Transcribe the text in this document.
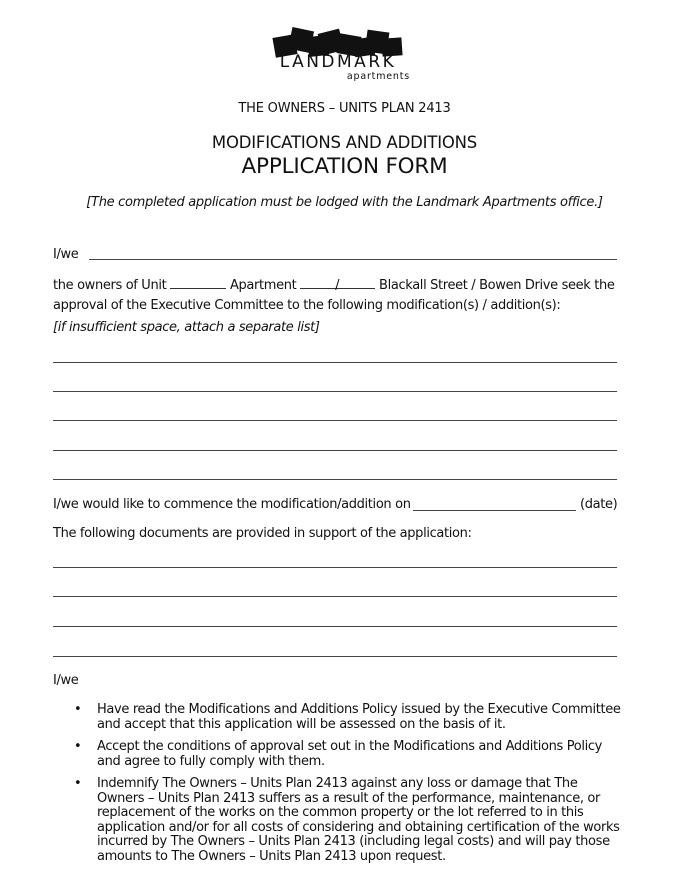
LANDMARK
apartments
THE OWNERS – UNITS PLAN 2413
MODIFICATIONS AND ADDITIONS
APPLICATION FORM
[The completed application must be lodged with the Landmark Apartments office.]
I/we
the owners of Unit	Apartment	/	Blackall Street / Bowen Drive seek the
approval of the Executive Committee to the following modification(s) / addition(s):
[if insufficient space, attach a separate list]
I/we would like to commence the modification/addition on	(date)
The following documents are provided in support of the application:
I/we
• Have read the Modifications and Additions Policy issued by the Executive Committee
and accept that this application will be assessed on the basis of it.
• Accept the conditions of approval set out in the Modifications and Additions Policy
and agree to fully comply with them.
• Indemnify The Owners – Units Plan 2413 against any loss or damage that The
Owners – Units Plan 2413 suffers as a result of the performance, maintenance, or
replacement of the works on the common property or the lot referred to in this
application and/or for all costs of considering and obtaining certification of the works
incurred by The Owners – Units Plan 2413 (including legal costs) and will pay those
amounts to The Owners – Units Plan 2413 upon request.
